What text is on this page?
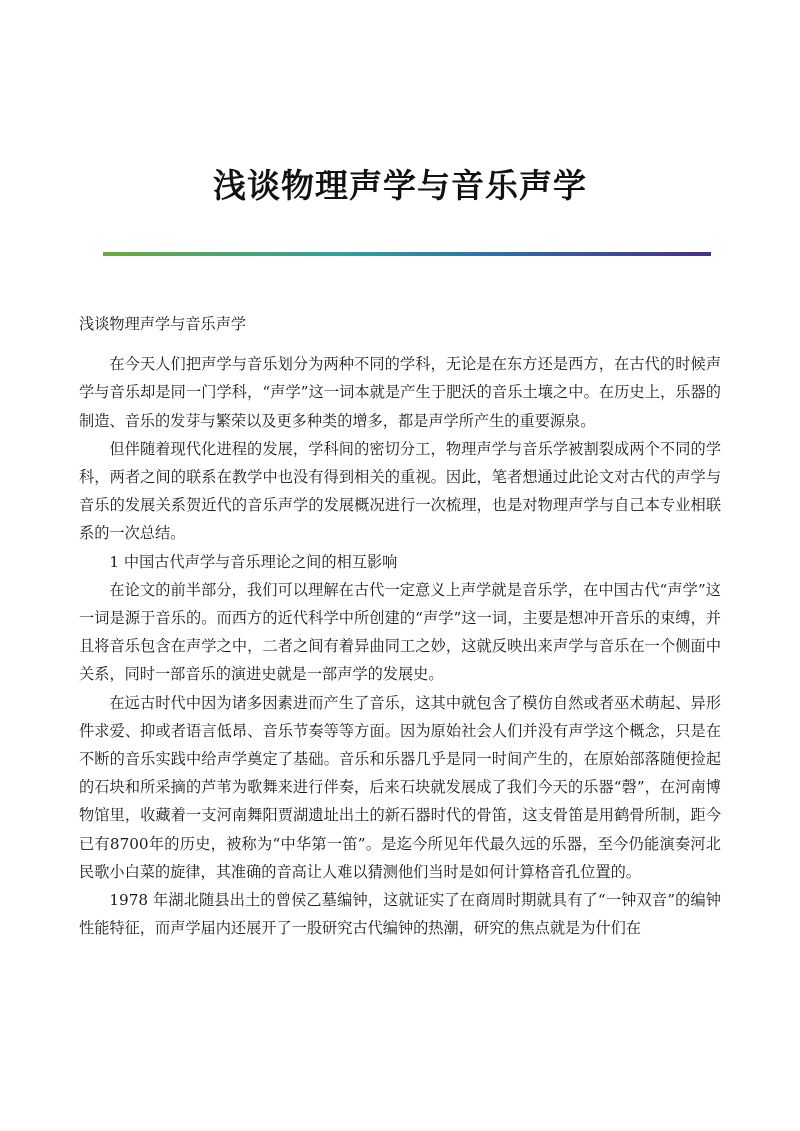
浅谈物理声学与音乐声学

浅谈物理声学与音乐声学

在今天人们把声学与音乐划分为两种不同的学科，无论是在东方还是西方，在古代的时候声学与音乐却是同一门学科，“声学”这一词本就是产生于肥沃的音乐土壤之中。在历史上，乐器的制造、音乐的发芽与繁荣以及更多种类的增多，都是声学所产生的重要源泉。

但伴随着现代化进程的发展，学科间的密切分工，物理声学与音乐学被割裂成两个不同的学科，两者之间的联系在教学中也没有得到相关的重视。因此，笔者想通过此论文对古代的声学与音乐的发展关系贺近代的音乐声学的发展概况进行一次梳理，也是对物理声学与自己本专业相联系的一次总结。

1 中国古代声学与音乐理论之间的相互影响

在论文的前半部分，我们可以理解在古代一定意义上声学就是音乐学，在中国古代“声学”这一词是源于音乐的。而西方的近代科学中所创建的“声学”这一词，主要是想冲开音乐的束缚，并且将音乐包含在声学之中，二者之间有着异曲同工之妙，这就反映出来声学与音乐在一个侧面中关系，同时一部音乐的演进史就是一部声学的发展史。

在远古时代中因为诸多因素进而产生了音乐，这其中就包含了模仿自然或者巫术萌起、异形件求爱、抑或者语言低昂、音乐节奏等等方面。因为原始社会人们并没有声学这个概念，只是在不断的音乐实践中给声学奠定了基础。音乐和乐器几乎是同一时间产生的，在原始部落随便捡起的石块和所采摘的芦苇为歌舞来进行伴奏，后来石块就发展成了我们今天的乐器“磬”，在河南博物馆里，收藏着一支河南舞阳贾湖遗址出土的新石器时代的骨笛，这支骨笛是用鹤骨所制，距今已有8700年的历史，被称为“中华第一笛”。是迄今所见年代最久远的乐器，至今仍能演奏河北民歌小白菜的旋律，其准确的音高让人难以猜测他们当时是如何计算格音孔位置的。

1978 年湖北随县出土的曾侯乙墓编钟，这就证实了在商周时期就具有了“一钟双音”的编钟性能特征，而声学届内还展开了一股研究古代编钟的热潮，研究的焦点就是为什们在
